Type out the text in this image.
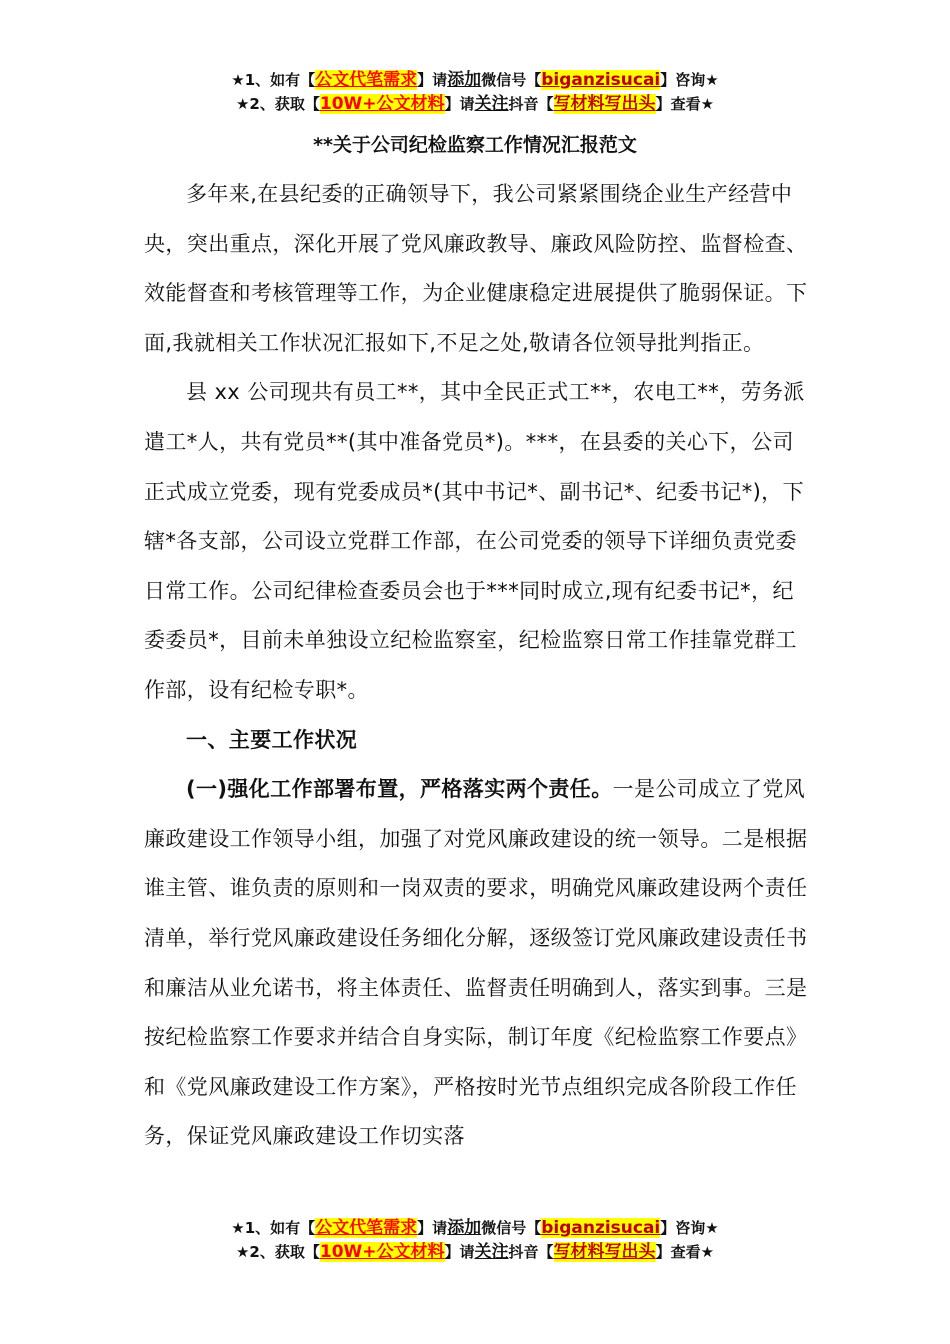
★1、如有【公文代笔需求】请添加微信号【biganzisucai】咨询★
★2、获取【10W+公文材料】请关注抖音【写材料写出头】查看★
**关于公司纪检监察工作情况汇报范文

多年来,在县纪委的正确领导下，我公司紧紧围绕企业生产经营中央，突出重点，深化开展了党风廉政教导、廉政风险防控、监督检查、效能督查和考核管理等工作，为企业健康稳定进展提供了脆弱保证。下面,我就相关工作状况汇报如下,不足之处,敬请各位领导批判指正。

县 xx 公司现共有员工**，其中全民正式工**，农电工**，劳务派遣工*人，共有党员**(其中准备党员*)。***，在县委的关心下，公司正式成立党委，现有党委成员*(其中书记*、副书记*、纪委书记*)，下辖*各支部，公司设立党群工作部，在公司党委的领导下详细负责党委日常工作。公司纪律检查委员会也于***同时成立,现有纪委书记*，纪委委员*，目前未单独设立纪检监察室，纪检监察日常工作挂靠党群工作部，设有纪检专职*。

一、主要工作状况

(一)强化工作部署布置，严格落实两个责任。一是公司成立了党风廉政建设工作领导小组，加强了对党风廉政建设的统一领导。二是根据谁主管、谁负责的原则和一岗双责的要求，明确党风廉政建设两个责任清单，举行党风廉政建设任务细化分解，逐级签订党风廉政建设责任书和廉洁从业允诺书，将主体责任、监督责任明确到人，落实到事。三是按纪检监察工作要求并结合自身实际，制订年度《纪检监察工作要点》和《党风廉政建设工作方案》，严格按时光节点组织完成各阶段工作任务，保证党风廉政建设工作切实落

★1、如有【公文代笔需求】请添加微信号【biganzisucai】咨询★
★2、获取【10W+公文材料】请关注抖音【写材料写出头】查看★
